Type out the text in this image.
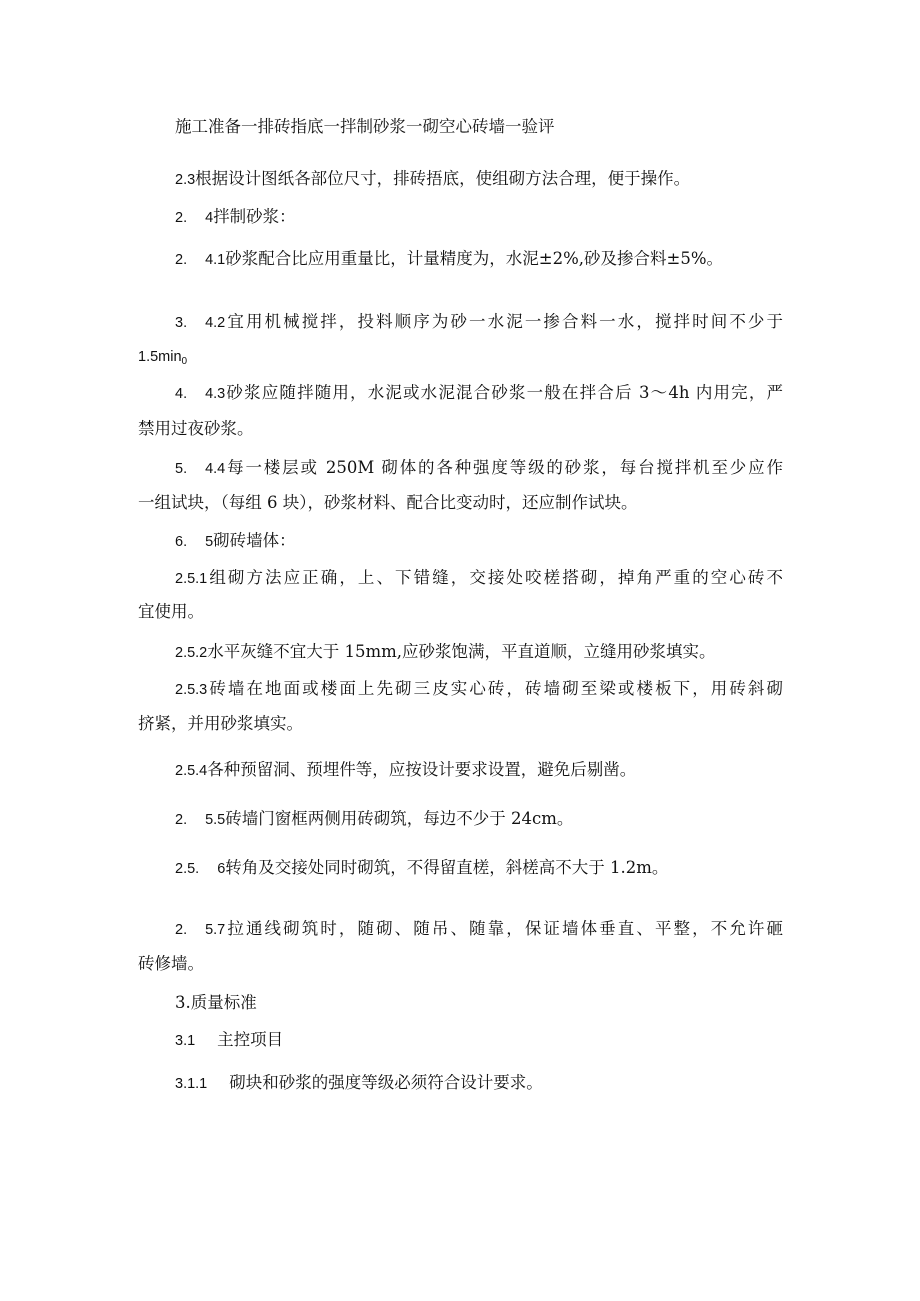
施工准备一排砖指底一拌制砂浆一砌空心砖墙一验评

2.3根据设计图纸各部位尺寸，排砖捂底，使组砌方法合理，便于操作。

2. 4拌制砂浆：

2. 4.1砂浆配合比应用重量比，计量精度为，水泥±2%,砂及掺合料±5%。

3. 4.2宜用机械搅拌，投料顺序为砂一水泥一掺合料一水，搅拌时间不少于

$1.5\min_0$

4. 4.3砂浆应随拌随用，水泥或水泥混合砂浆一般在拌合后 3～4h 内用完，严

禁用过夜砂浆。

5. 4.4每一楼层或 250M 砌体的各种强度等级的砂浆，每台搅拌机至少应作

一组试块，（每组 6 块），砂浆材料、配合比变动时，还应制作试块。

6. 5砌砖墙体：

2.5.1组砌方法应正确，上、下错缝，交接处咬槎搭砌，掉角严重的空心砖不

宜使用。

2.5.2水平灰缝不宜大于 15mm,应砂浆饱满，平直道顺，立缝用砂浆填实。

2.5.3砖墙在地面或楼面上先砌三皮实心砖，砖墙砌至梁或楼板下，用砖斜砌

挤紧，并用砂浆填实。

2.5.4各种预留洞、预埋件等，应按设计要求设置，避免后剔凿。

2. 5.5砖墙门窗框两侧用砖砌筑，每边不少于 24cm。

2.5. 6转角及交接处同时砌筑，不得留直槎，斜槎高不大于 1.2m。

2. 5.7拉通线砌筑时，随砌、随吊、随靠，保证墙体垂直、平整，不允许砸

砖修墙。

3.质量标准

3.1 主控项目

3.1.1 砌块和砂浆的强度等级必须符合设计要求。
